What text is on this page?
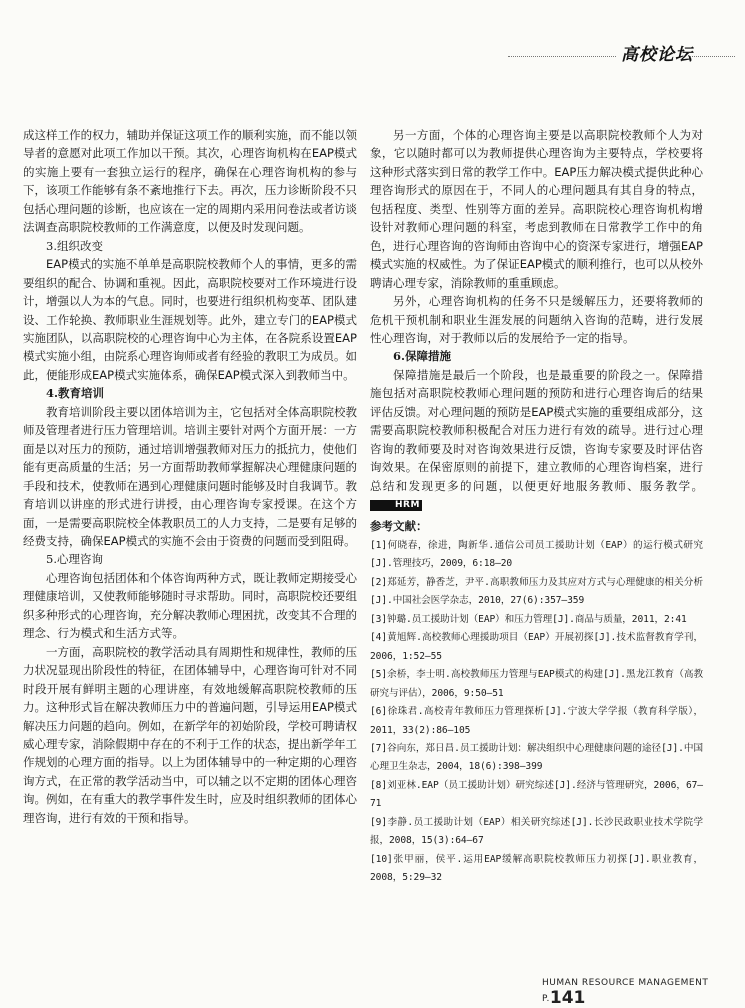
高校论坛

成这样工作的权力，辅助并保证这项工作的顺利实施，而不能以领导者的意愿对此项工作加以干预。其次，心理咨询机构在EAP模式的实施上要有一套独立运行的程序，确保在心理咨询机构的参与下，该项工作能够有条不紊地推行下去。再次，压力诊断阶段不只包括心理问题的诊断，也应该在一定的周期内采用问卷法或者访谈法调查高职院校教师的工作满意度，以便及时发现问题。

3.组织改变

EAP模式的实施不单单是高职院校教师个人的事情，更多的需要组织的配合、协调和重视。因此，高职院校要对工作环境进行设计，增强以人为本的气息。同时，也要进行组织机构变革、团队建设、工作轮换、教师职业生涯规划等。此外，建立专门的EAP模式实施团队，以高职院校的心理咨询中心为主体，在各院系设置EAP模式实施小组，由院系心理咨询师或者有经验的教职工为成员。如此，便能形成EAP模式实施体系，确保EAP模式深入到教师当中。

4.教育培训

教育培训阶段主要以团体培训为主，它包括对全体高职院校教师及管理者进行压力管理培训。培训主要针对两个方面开展：一方面是以对压力的预防，通过培训增强教师对压力的抵抗力，使他们能有更高质量的生活；另一方面帮助教师掌握解决心理健康问题的手段和技术，使教师在遇到心理健康问题时能够及时自我调节。教育培训以讲座的形式进行讲授，由心理咨询专家授课。在这个方面，一是需要高职院校全体教职员工的人力支持，二是要有足够的经费支持，确保EAP模式的实施不会由于资费的问题而受到阻碍。

5.心理咨询

心理咨询包括团体和个体咨询两种方式，既让教师定期接受心理健康培训，又使教师能够随时寻求帮助。同时，高职院校还要组织多种形式的心理咨询，充分解决教师心理困扰，改变其不合理的理念、行为模式和生活方式等。

一方面，高职院校的教学活动具有周期性和规律性，教师的压力状况显现出阶段性的特征，在团体辅导中，心理咨询可针对不同时段开展有鲜明主题的心理讲座，有效地缓解高职院校教师的压力。这种形式旨在解决教师压力中的普遍问题，引导运用EAP模式解决压力问题的趋向。例如，在新学年的初始阶段，学校可聘请权威心理专家，消除假期中存在的不利于工作的状态，提出新学年工作规划的心理方面的指导。以上为团体辅导中的一种定期的心理咨询方式，在正常的教学活动当中，可以辅之以不定期的团体心理咨询。例如，在有重大的教学事件发生时，应及时组织教师的团体心理咨询，进行有效的干预和指导。

另一方面，个体的心理咨询主要是以高职院校教师个人为对象，它以随时都可以为教师提供心理咨询为主要特点，学校要将这种形式落实到日常的教学工作中。EAP压力解决模式提供此种心理咨询形式的原因在于，不同人的心理问题具有其自身的特点，包括程度、类型、性别等方面的差异。高职院校心理咨询机构增设针对教师心理问题的科室，考虑到教师在日常教学工作中的角色，进行心理咨询的咨询师由咨询中心的资深专家进行，增强EAP模式实施的权威性。为了保证EAP模式的顺利推行，也可以从校外聘请心理专家，消除教师的重重顾虑。

另外，心理咨询机构的任务不只是缓解压力，还要将教师的危机干预机制和职业生涯发展的问题纳入咨询的范畴，进行发展性心理咨询，对于教师以后的发展给予一定的指导。

6.保障措施

保障措施是最后一个阶段，也是最重要的阶段之一。保障措施包括对高职院校教师心理问题的预防和进行心理咨询后的结果评估反馈。对心理问题的预防是EAP模式实施的重要组成部分，这需要高职院校教师积极配合对压力进行有效的疏导。进行过心理咨询的教师要及时对咨询效果进行反馈，咨询专家要及时评估咨询效果。在保密原则的前提下，建立教师的心理咨询档案，进行总结和发现更多的问题，以便更好地服务教师、服务教学。 HRM

参考文献：
[1]何晓春，徐进，陶新华.通信公司员工援助计划（EAP）的运行模式研究[J].管理技巧，2009，6:18—20
[2]郑延芳，静香芝，尹平.高职教师压力及其应对方式与心理健康的相关分析[J].中国社会医学杂志，2010，27(6):357—359
[3]钟璐.员工援助计划（EAP）和压力管理[J].商品与质量，2011，2:41
[4]黄旭辉.高校教师心理援助项目（EAP）开展初探[J].技术监督教育学刊，2006，1:52—55
[5]余桥，李士明.高校教师压力管理与EAP模式的构建[J].黑龙江教育（高教研究与评估），2006，9:50—51
[6]徐珠君.高校青年教师压力管理探析[J].宁波大学学报（教育科学版），2011，33(2):86—105
[7]谷向东，郑日昌.员工援助计划：解决组织中心理健康问题的途径[J].中国心理卫生杂志，2004，18(6):398—399
[8]刘亚林.EAP（员工援助计划）研究综述[J].经济与管理研究，2006，67—71
[9]李静.员工援助计划（EAP）相关研究综述[J].长沙民政职业技术学院学报，2008，15(3):64—67
[10]张甲丽，侯平.运用EAP缓解高职院校教师压力初探[J].职业教育，2008，5:29—32
HUMAN RESOURCE MANAGEMENT P.141
